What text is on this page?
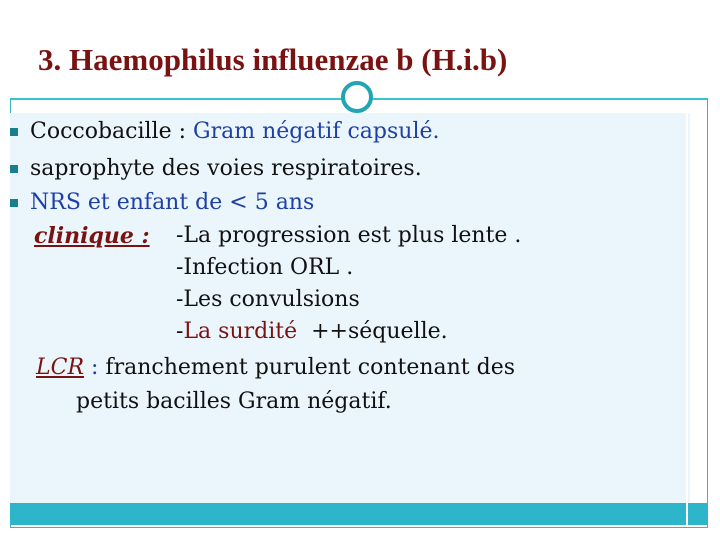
3. Haemophilus influenzae b (H.i.b)
Coccobacille : Gram négatif capsulé.
saprophyte des voies respiratoires.
NRS et enfant de < 5 ans
clinique : -La progression est plus lente .
-Infection ORL .
-Les convulsions
-La surdité  ++séquelle.
LCR : franchement purulent contenant des
petits bacilles Gram négatif.
